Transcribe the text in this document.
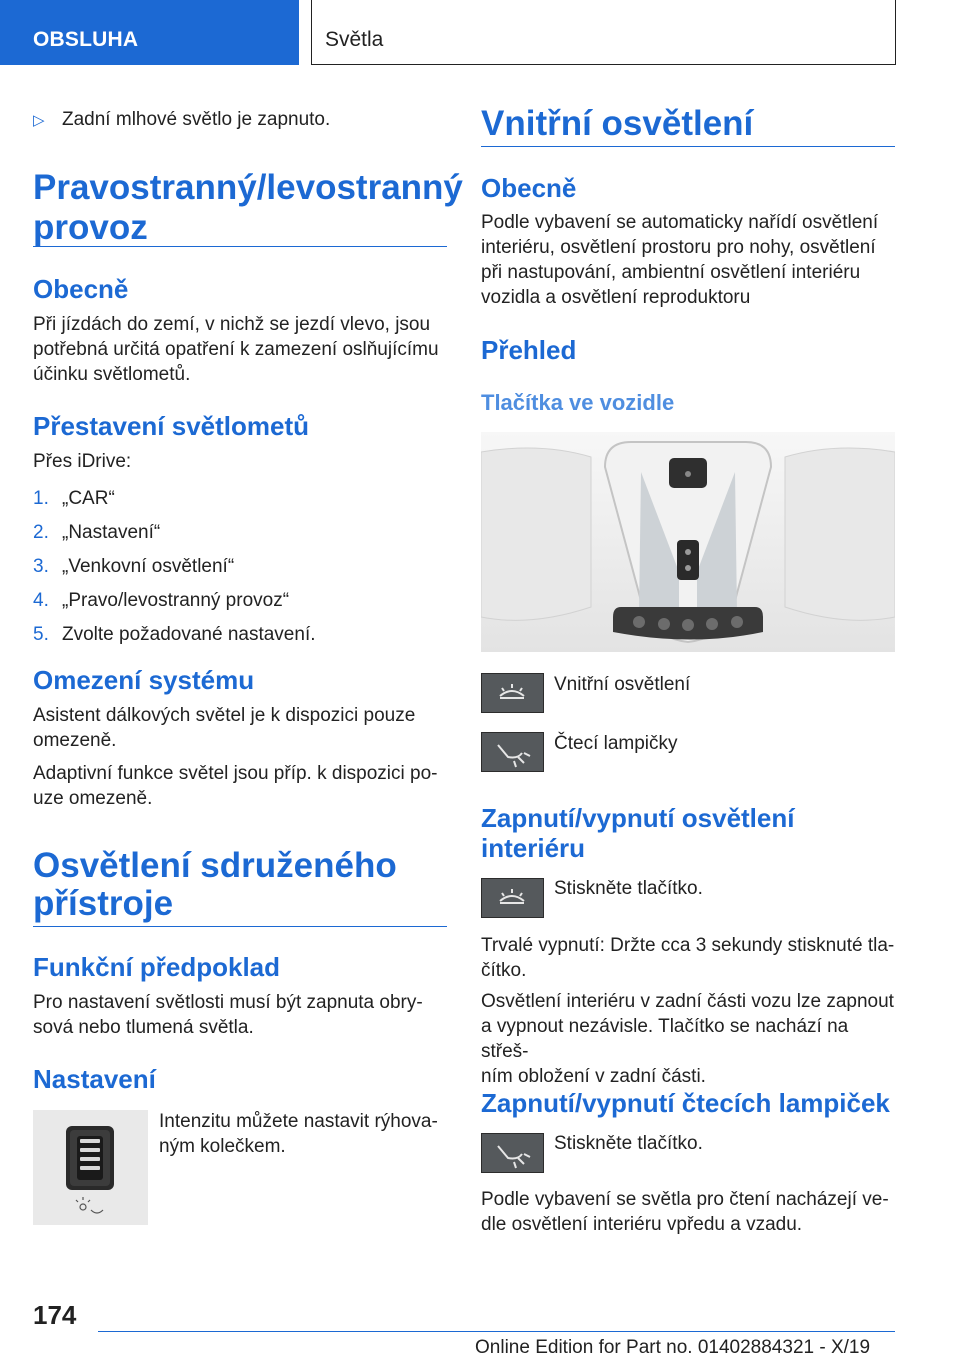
OBSLUHA	Světla
▷ Zadní mlhové světlo je zapnuto.
Pravostranný/levostranný
provoz
Obecně
Při jízdách do zemí, v nichž se jezdí vlevo, jsou
potřebná určitá opatření k zamezení oslňujícímu
účinku světlometů.
Přestavení světlometů
Přes iDrive:
1. „CAR“
2. „Nastavení“
3. „Venkovní osvětlení“
4. „Pravo/levostranný provoz“
5. Zvolte požadované nastavení.
Omezení systému
Asistent dálkových světel je k dispozici pouze
omezeně.
Adaptivní funkce světel jsou příp. k dispozici po-
uze omezeně.
Osvětlení sdruženého
přístroje
Funkční předpoklad
Pro nastavení světlosti musí být zapnuta obry-
sová nebo tlumená světla.
Nastavení
Intenzitu můžete nastavit rýhova-
ným kolečkem.
Vnitřní osvětlení
Obecně
Podle vybavení se automaticky nařídí osvětlení
interiéru, osvětlení prostoru pro nohy, osvětlení
při nastupování, ambientní osvětlení interiéru
vozidla a osvětlení reproduktoru
Přehled
Tlačítka ve vozidle
Vnitřní osvětlení
Čtecí lampičky
Zapnutí/vypnutí osvětlení
interiéru
Stiskněte tlačítko.
Trvalé vypnutí: Držte cca 3 sekundy stisknuté tla-
čítko.
Osvětlení interiéru v zadní části vozu lze zapnout
a vypnout nezávisle. Tlačítko se nachází na střeš-
ním obložení v zadní části.
Zapnutí/vypnutí čtecích lampiček
Stiskněte tlačítko.
Podle vybavení se světla pro čtení nacházejí ve-
dle osvětlení interiéru vpředu a vzadu.
174
Online Edition for Part no. 01402884321 - X/19
